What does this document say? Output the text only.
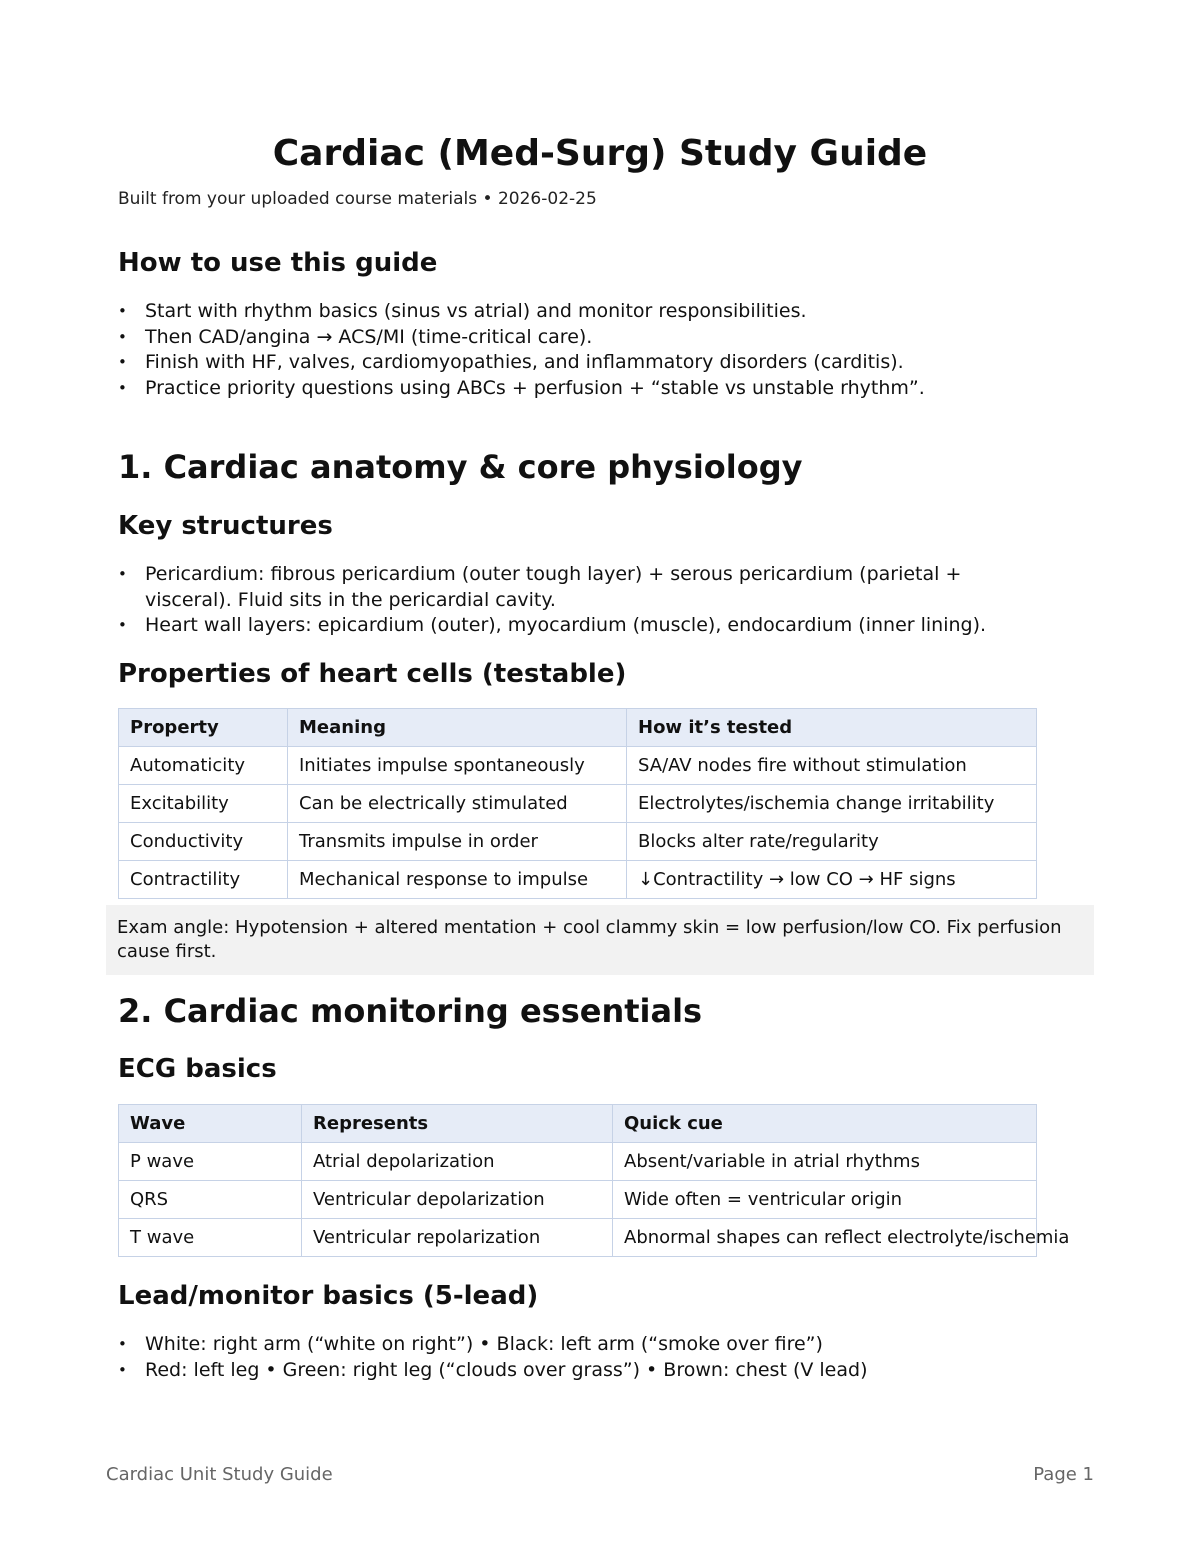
Cardiac (Med-Surg) Study Guide

Built from your uploaded course materials • 2026-02-25

How to use this guide
• Start with rhythm basics (sinus vs atrial) and monitor responsibilities.
• Then CAD/angina → ACS/MI (time-critical care).
• Finish with HF, valves, cardiomyopathies, and inflammatory disorders (carditis).
• Practice priority questions using ABCs + perfusion + “stable vs unstable rhythm”.
1. Cardiac anatomy & core physiology
Key structures
• Pericardium: fibrous pericardium (outer tough layer) + serous pericardium (parietal + visceral). Fluid sits in the pericardial cavity.
• Heart wall layers: epicardium (outer), myocardium (muscle), endocardium (inner lining).
Properties of heart cells (testable)
Property	Meaning	How it’s tested
Automaticity	Initiates impulse spontaneously	SA/AV nodes fire without stimulation
Excitability	Can be electrically stimulated	Electrolytes/ischemia change irritability
Conductivity	Transmits impulse in order	Blocks alter rate/regularity
Contractility	Mechanical response to impulse	↓Contractility → low CO → HF signs
Exam angle: Hypotension + altered mentation + cool clammy skin = low perfusion/low CO. Fix perfusion cause first.
2. Cardiac monitoring essentials
ECG basics
Wave	Represents	Quick cue
P wave	Atrial depolarization	Absent/variable in atrial rhythms
QRS	Ventricular depolarization	Wide often = ventricular origin
T wave	Ventricular repolarization	Abnormal shapes can reflect electrolyte/ischemia
Lead/monitor basics (5-lead)
• White: right arm (“white on right”) • Black: left arm (“smoke over fire”)
• Red: left leg • Green: right leg (“clouds over grass”) • Brown: chest (V lead)
Cardiac Unit Study Guide	Page 1
